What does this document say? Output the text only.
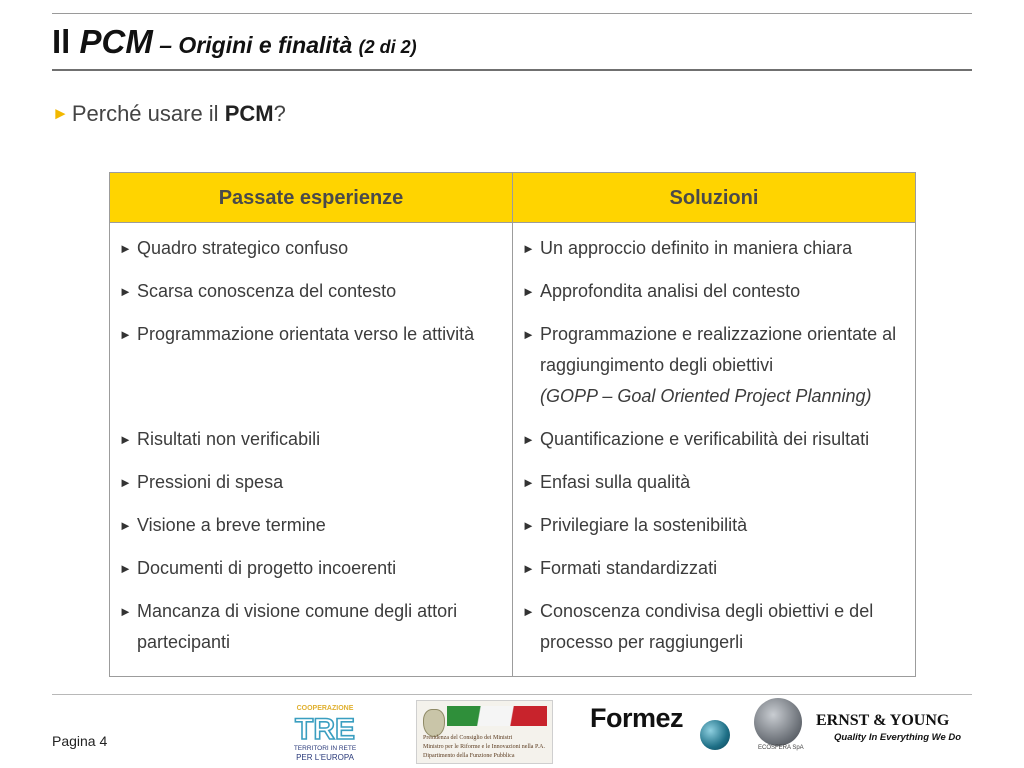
Il PCM – Origini e finalità (2 di 2)
► Perché usare il PCM?
Passate esperienze	Soluzioni
► Quadro strategico confuso
► Scarsa conoscenza del contesto
► Programmazione orientata verso le attività
► Risultati non verificabili
► Pressioni di spesa
► Visione a breve termine
► Documenti di progetto incoerenti
► Mancanza di visione comune degli attori partecipanti
► Un approccio definito in maniera chiara
► Approfondita analisi del contesto
► Programmazione e realizzazione orientate al raggiungimento degli obiettivi
(GOPP – Goal Oriented Project Planning)
► Quantificazione e verificabilità dei risultati
► Enfasi sulla qualità
► Privilegiare la sostenibilità
► Formati standardizzati
► Conoscenza condivisa degli obiettivi e del processo per raggiungerli
Pagina 4
COOPERAZIONE
TRE
TERRITORI IN RETE
PER L'EUROPA
Presidenza del Consiglio dei Ministri
Ministro per le Riforme e le Innovazioni nella P.A.
Dipartimento della Funzione Pubblica
Formez
ECOSFERA SpA
ERNST & YOUNG
Quality In Everything We Do
